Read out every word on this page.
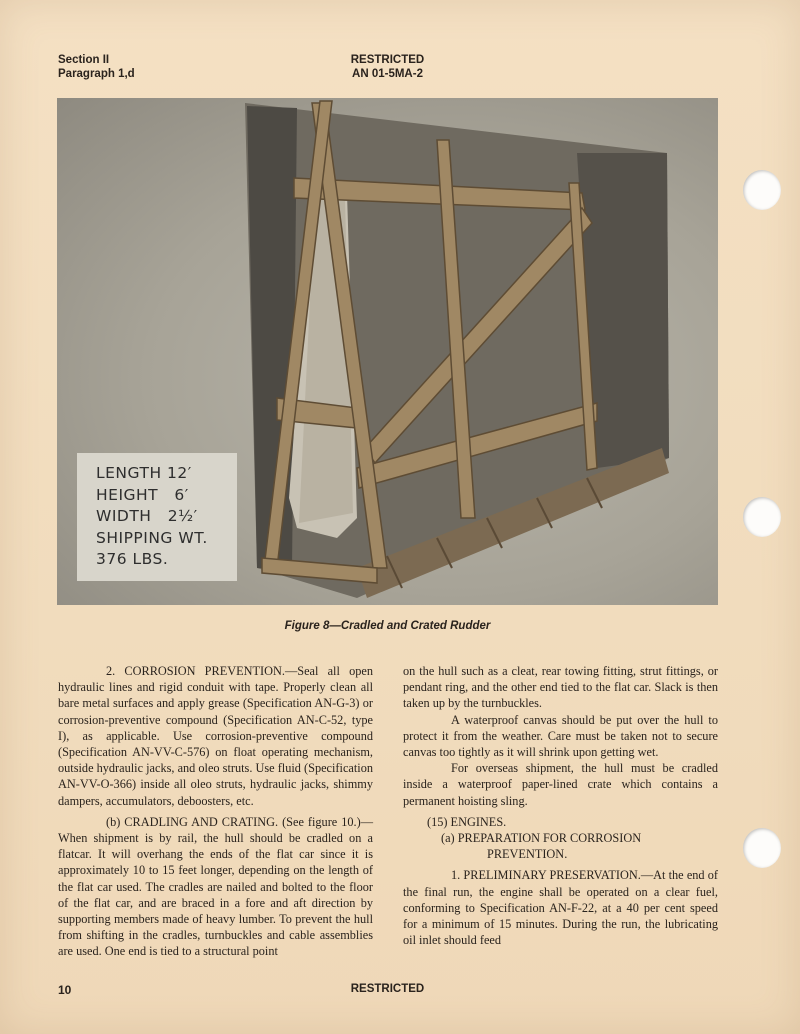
Section II
Paragraph 1,d
RESTRICTED
AN 01-5MA-2
LENGTH 12′
HEIGHT   6′
WIDTH   2½′
SHIPPING WT.
376 LBS.
Figure 8—Cradled and Crated Rudder

2. CORROSION PREVENTION.—Seal all open hydraulic lines and rigid conduit with tape. Properly clean all bare metal surfaces and apply grease (Specification AN-G-3) or corrosion-preventive compound (Specification AN-C-52, type I), as applicable. Use corrosion-preventive compound (Specification AN-VV-C-576) on float operating mechanism, outside hydraulic jacks, and oleo struts. Use fluid (Specification AN-VV-O-366) inside all oleo struts, hydraulic jacks, shimmy dampers, accumulators, deboosters, etc.

(b) CRADLING AND CRATING. (See figure 10.)—When shipment is by rail, the hull should be cradled on a flatcar. It will overhang the ends of the flat car since it is approximately 10 to 15 feet longer, depending on the length of the flat car used. The cradles are nailed and bolted to the floor of the flat car, and are braced in a fore and aft direction by supporting members made of heavy lumber. To prevent the hull from shifting in the cradles, turnbuckles and cable assemblies are used. One end is tied to a structural point

on the hull such as a cleat, rear towing fitting, strut fittings, or pendant ring, and the other end tied to the flat car. Slack is then taken up by the turnbuckles.

A waterproof canvas should be put over the hull to protect it from the weather. Care must be taken not to secure canvas too tightly as it will shrink upon getting wet.

For overseas shipment, the hull must be cradled inside a waterproof paper-lined crate which contains a permanent hoisting sling.

(15) ENGINES.

(a) PREPARATION FOR CORROSION

PREVENTION.

1. PRELIMINARY PRESERVATION.—At the end of the final run, the engine shall be operated on a clear fuel, conforming to Specification AN-F-22, at a 40 per cent speed for a minimum of 15 minutes. During the run, the lubricating oil inlet should feed

10	RESTRICTED
